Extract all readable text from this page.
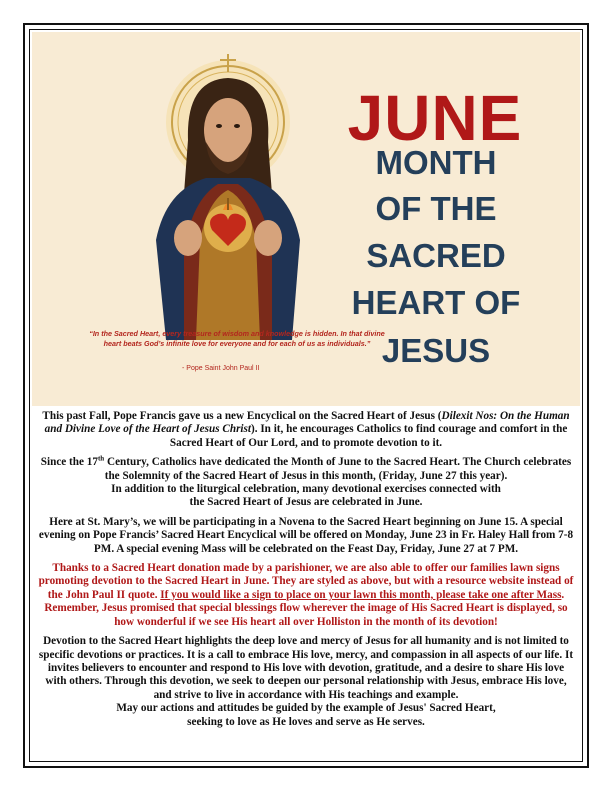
“In the Sacred Heart, every treasure of wisdom and knowledge is hidden. In that divine heart beats God’s infinite love for everyone and for each of us as individuals.”
- Pope Saint John Paul II
JUNE
MONTH
OF THE
SACRED
HEART OF
JESUS

This past Fall, Pope Francis gave us a new Encyclical on the Sacred Heart of Jesus (Dilexit Nos: On the Human and Divine Love of the Heart of Jesus Christ). In it, he encourages Catholics to find courage and comfort in the Sacred Heart of Our Lord, and to promote devotion to it.

Since the 17th Century, Catholics have dedicated the Month of June to the Sacred Heart. The Church celebrates the Solemnity of the Sacred Heart of Jesus in this month, (Friday, June 27 this year).
In addition to the liturgical celebration, many devotional exercises connected with
the Sacred Heart of Jesus are celebrated in June.

Here at St. Mary’s, we will be participating in a Novena to the Sacred Heart beginning on June 15. A special evening on Pope Francis’ Sacred Heart Encyclical will be offered on Monday, June 23 in Fr. Haley Hall from 7-8 PM. A special evening Mass will be celebrated on the Feast Day, Friday, June 27 at 7 PM.

Thanks to a Sacred Heart donation made by a parishioner, we are also able to offer our families lawn signs promoting devotion to the Sacred Heart in June. They are styled as above, but with a resource website instead of the John Paul II quote. If you would like a sign to place on your lawn this month, please take one after Mass. Remember, Jesus promised that special blessings flow wherever the image of His Sacred Heart is displayed, so how wonderful if we see His heart all over Holliston in the month of its devotion!

Devotion to the Sacred Heart highlights the deep love and mercy of Jesus for all humanity and is not limited to specific devotions or practices. It is a call to embrace His love, mercy, and compassion in all aspects of our life. It invites believers to encounter and respond to His love with devotion, gratitude, and a desire to share His love with others. Through this devotion, we seek to deepen our personal relationship with Jesus, embrace His love, and strive to live in accordance with His teachings and example.
May our actions and attitudes be guided by the example of Jesus' Sacred Heart,
seeking to love as He loves and serve as He serves.
